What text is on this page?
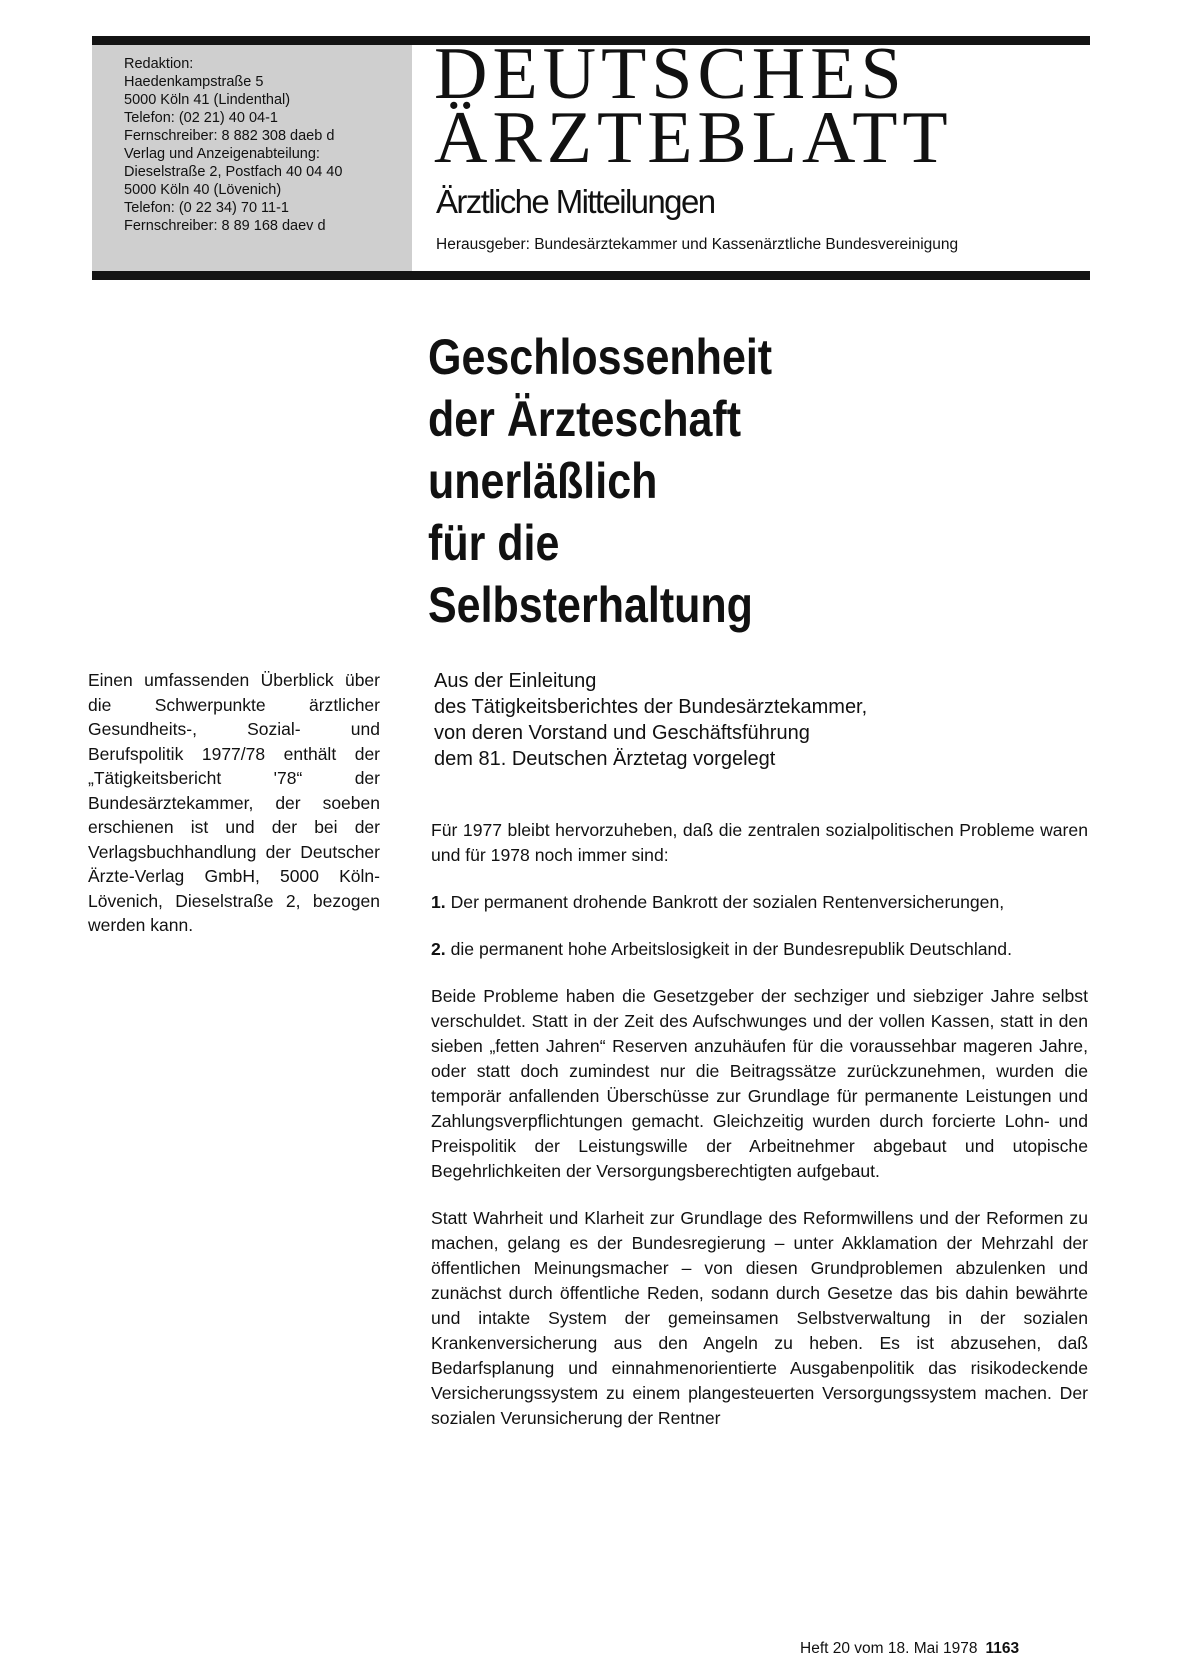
Redaktion:
Haedenkampstraße 5
5000 Köln 41 (Lindenthal)
Telefon: (02 21) 40 04-1
Fernschreiber: 8 882 308 daeb d
Verlag und Anzeigenabteilung:
Dieselstraße 2, Postfach 40 04 40
5000 Köln 40 (Lövenich)
Telefon: (0 22 34) 70 11-1
Fernschreiber: 8 89 168 daev d
DEUTSCHES
ÄRZTEBLATT
Ärztliche Mitteilungen
Herausgeber: Bundesärztekammer und Kassenärztliche Bundesvereinigung
Geschlossenheit
der Ärzteschaft
unerläßlich
für die
Selbsterhaltung
Einen umfassenden Überblick über die Schwerpunkte ärztlicher Gesundheits-, Sozial- und Berufspolitik 1977/78 enthält der „Tätigkeitsbericht '78“ der Bundesärztekammer, der soeben erschienen ist und der bei der Verlagsbuchhandlung der Deutscher Ärzte-Verlag GmbH, 5000 Köln-Lövenich, Dieselstraße 2, bezogen werden kann.
Aus der Einleitung
des Tätigkeitsberichtes der Bundesärztekammer,
von deren Vorstand und Geschäftsführung
dem 81. Deutschen Ärztetag vorgelegt

Für 1977 bleibt hervorzuheben, daß die zentralen sozialpolitischen Probleme waren und für 1978 noch immer sind:

1. Der permanent drohende Bankrott der sozialen Rentenversicherungen,

2. die permanent hohe Arbeitslosigkeit in der Bundesrepublik Deutschland.

Beide Probleme haben die Gesetzgeber der sechziger und siebziger Jahre selbst verschuldet. Statt in der Zeit des Aufschwunges und der vollen Kassen, statt in den sieben „fetten Jahren“ Reserven anzuhäufen für die voraussehbar mageren Jahre, oder statt doch zumindest nur die Beitragssätze zurückzunehmen, wurden die temporär anfallenden Überschüsse zur Grundlage für permanente Leistungen und Zahlungsverpflichtungen gemacht. Gleichzeitig wurden durch forcierte Lohn- und Preispolitik der Leistungswille der Arbeitnehmer abgebaut und utopische Begehrlichkeiten der Versorgungsberechtigten aufgebaut.

Statt Wahrheit und Klarheit zur Grundlage des Reformwillens und der Reformen zu machen, gelang es der Bundesregierung – unter Akklamation der Mehrzahl der öffentlichen Meinungsmacher – von diesen Grundproblemen abzulenken und zunächst durch öffentliche Reden, sodann durch Gesetze das bis dahin bewährte und intakte System der gemeinsamen Selbstverwaltung in der sozialen Krankenversicherung aus den Angeln zu heben. Es ist abzusehen, daß Bedarfsplanung und einnahmenorientierte Ausgabenpolitik das risikodeckende Versicherungssystem zu einem plangesteuerten Versorgungssystem machen. Der sozialen Verunsicherung der Rentner

Heft 20 vom 18. Mai 1978 1163
